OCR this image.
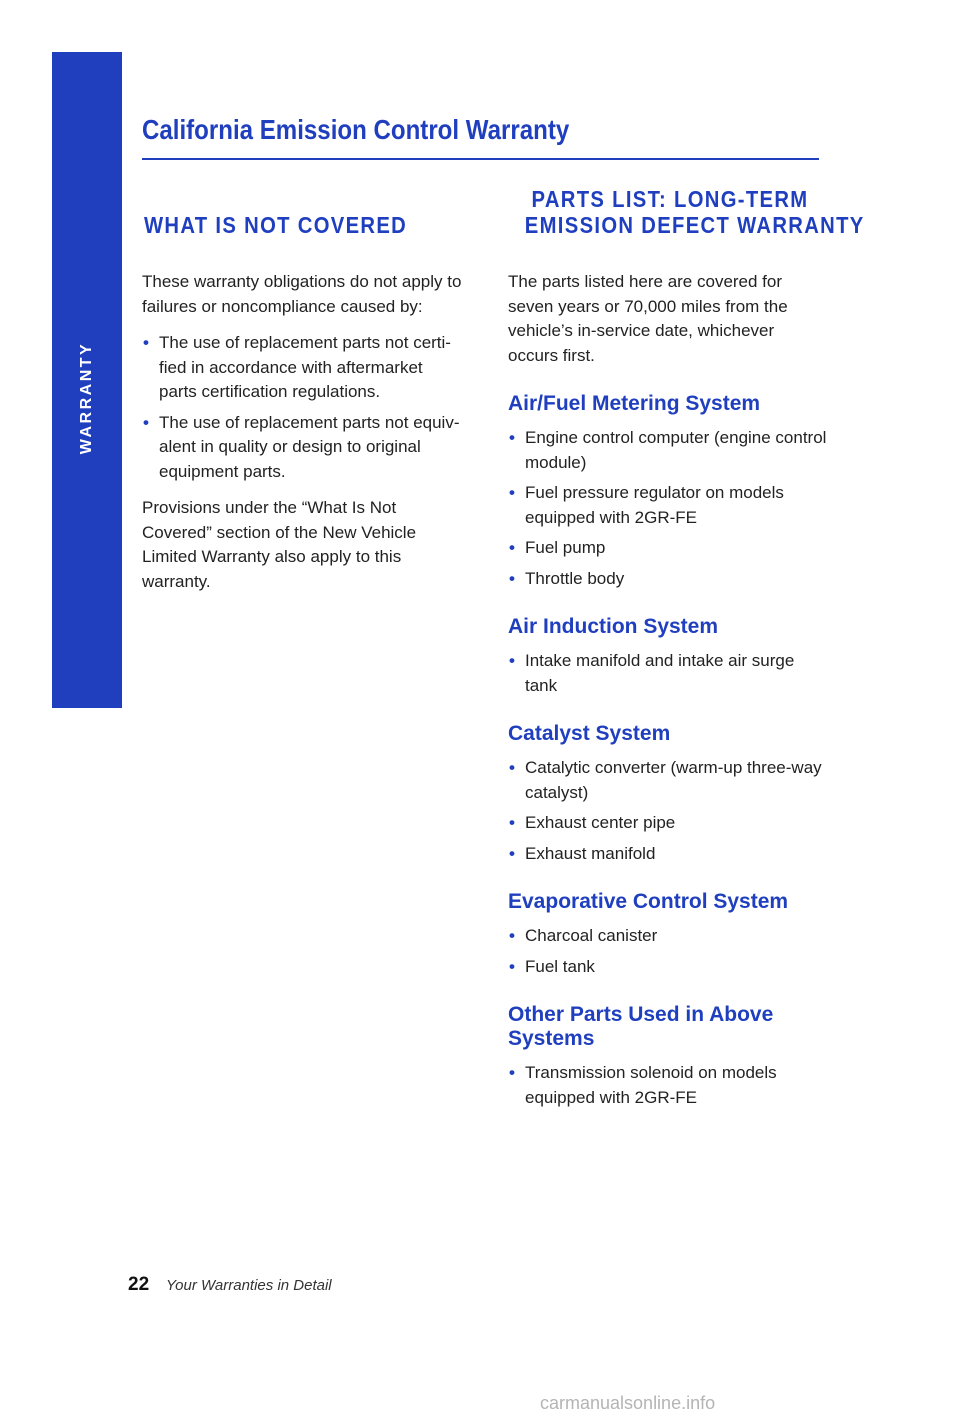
WARRANTY
California Emission Control Warranty
WHAT IS NOT COVERED
PARTS LIST: LONG-TERM
EMISSION DEFECT WARRANTY

These warranty obligations do not apply to failures or noncompliance caused by:

• The use of replacement parts not certi-fied in accordance with aftermarket parts certification regulations.
• The use of replacement parts not equiv-alent in quality or design to original equipment parts.

Provisions under the “What Is Not Covered” section of the New Vehicle Limited Warranty also apply to this warranty.

The parts listed here are covered for seven years or 70,000 miles from the vehicle’s in-service date, whichever occurs first.

Air/Fuel Metering System
• Engine control computer (engine control module)
• Fuel pressure regulator on models equipped with 2GR-FE
• Fuel pump
• Throttle body
Air Induction System
• Intake manifold and intake air surge tank
Catalyst System
• Catalytic converter (warm-up three-way catalyst)
• Exhaust center pipe
• Exhaust manifold
Evaporative Control System
• Charcoal canister
• Fuel tank
Other Parts Used in Above Systems
• Transmission solenoid on models equipped with 2GR-FE
22 Your Warranties in Detail
carmanualsonline.info
